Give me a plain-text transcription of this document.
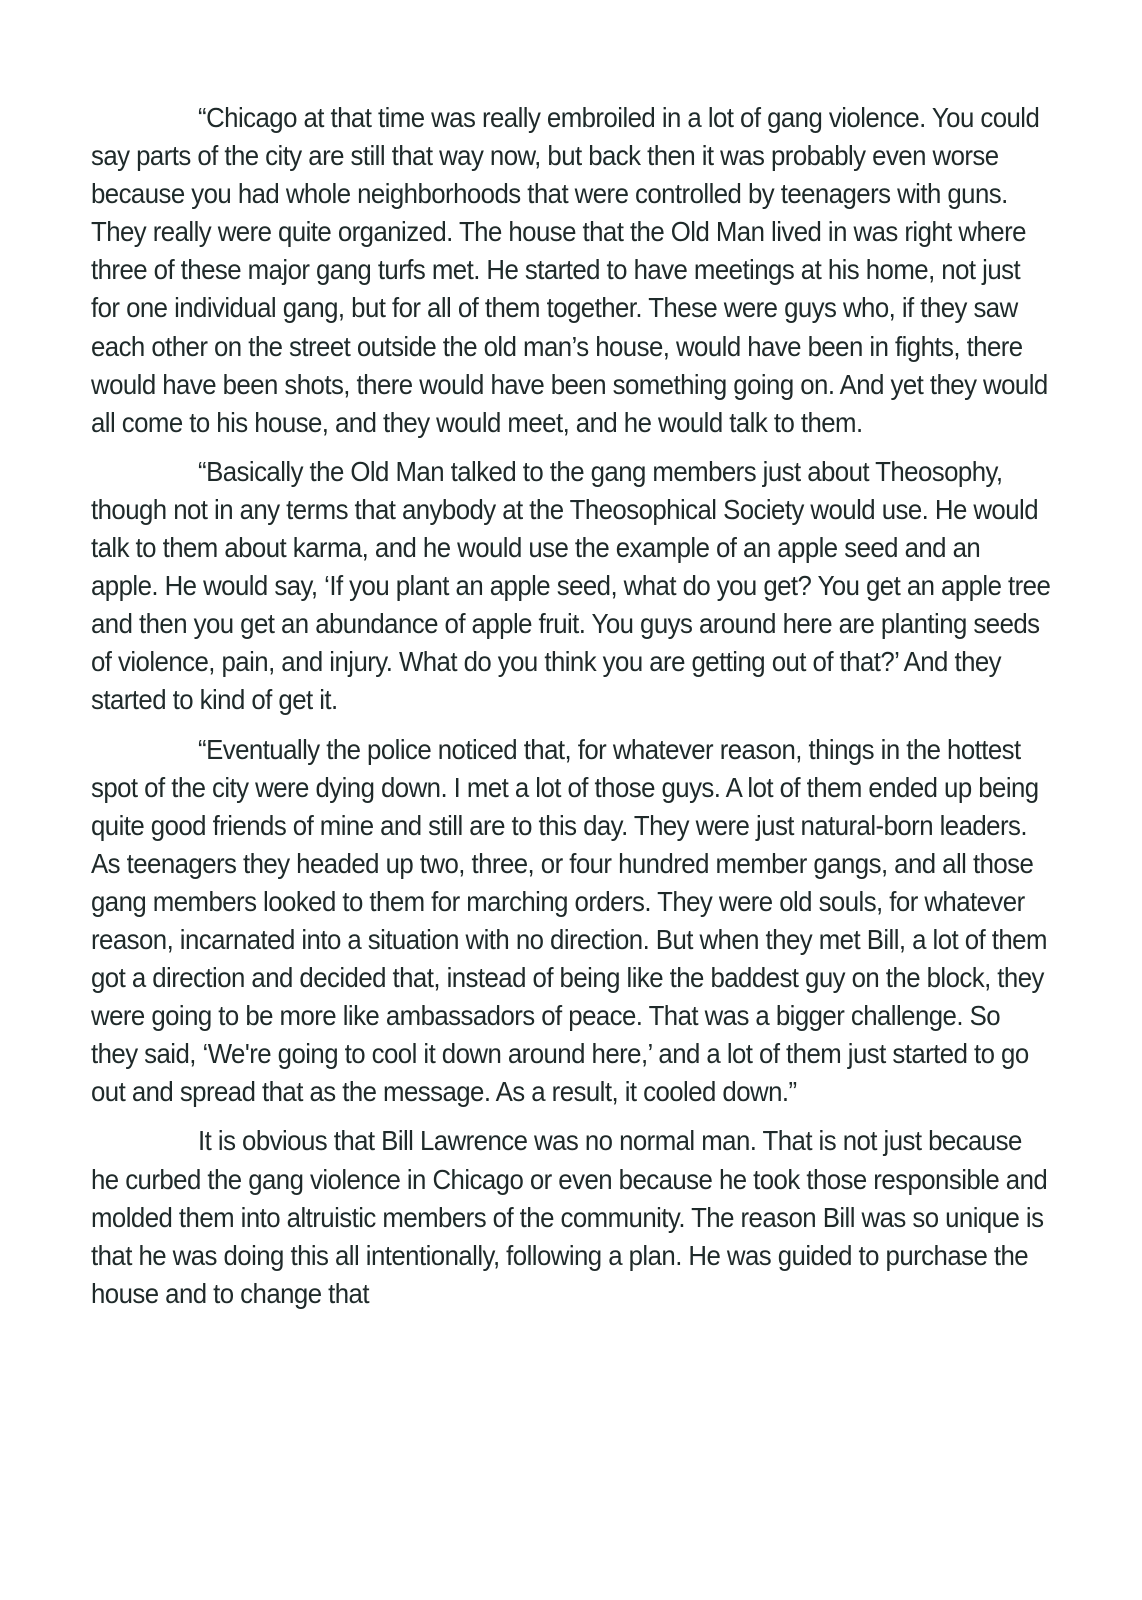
“Chicago at that time was really embroiled in a lot of gang violence. You could say parts of the city are still that way now, but back then it was probably even worse because you had whole neighborhoods that were controlled by teenagers with guns. They really were quite organized. The house that the Old Man lived in was right where three of these major gang turfs met. He started to have meetings at his home, not just for one individual gang, but for all of them together. These were guys who, if they saw each other on the street outside the old man’s house, would have been in fights, there would have been shots, there would have been something going on. And yet they would all come to his house, and they would meet, and he would talk to them.

“Basically the Old Man talked to the gang members just about Theosophy, though not in any terms that anybody at the Theosophical Society would use. He would talk to them about karma, and he would use the example of an apple seed and an apple. He would say, ‘If you plant an apple seed, what do you get? You get an apple tree and then you get an abundance of apple fruit. You guys around here are planting seeds of violence, pain, and injury. What do you think you are getting out of that?’ And they started to kind of get it.

“Eventually the police noticed that, for whatever reason, things in the hottest spot of the city were dying down. I met a lot of those guys. A lot of them ended up being quite good friends of mine and still are to this day. They were just natural-born leaders. As teenagers they headed up two, three, or four hundred member gangs, and all those gang members looked to them for marching orders. They were old souls, for whatever reason, incarnated into a situation with no direction. But when they met Bill, a lot of them got a direction and decided that, instead of being like the baddest guy on the block, they were going to be more like ambassadors of peace. That was a bigger challenge. So they said, ‘We're going to cool it down around here,’ and a lot of them just started to go out and spread that as the message. As a result, it cooled down.”

It is obvious that Bill Lawrence was no normal man. That is not just because he curbed the gang violence in Chicago or even because he took those responsible and molded them into altruistic members of the community. The reason Bill was so unique is that he was doing this all intentionally, following a plan. He was guided to purchase the house and to change that
